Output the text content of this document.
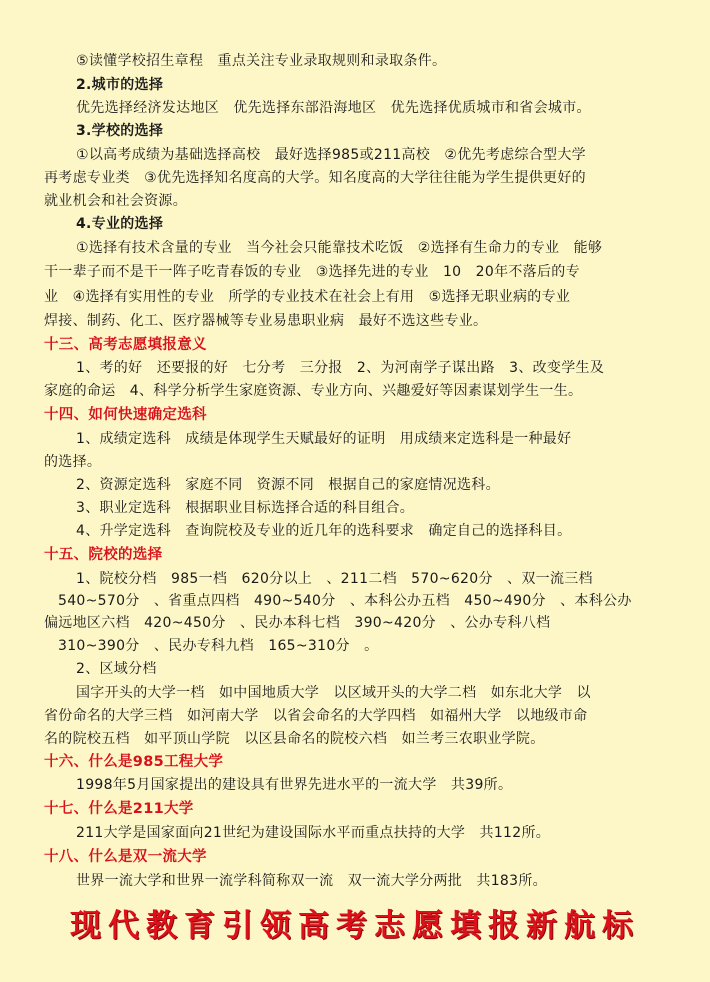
⑤读懂学校招生章程　重点关注专业录取规则和录取条件。
2.城市的选择
优先选择经济发达地区　优先选择东部沿海地区　优先选择优质城市和省会城市。
3.学校的选择
①以高考成绩为基础选择高校　最好选择985或211高校　②优先考虑综合型大学
再考虑专业类　③优先选择知名度高的大学。知名度高的大学往往能为学生提供更好的
就业机会和社会资源。
4.专业的选择
①选择有技术含量的专业　当今社会只能靠技术吃饭　②选择有生命力的专业　能够
干一辈子而不是干一阵子吃青春饭的专业　③选择先进的专业　10　20年不落后的专
业　④选择有实用性的专业　所学的专业技术在社会上有用　⑤选择无职业病的专业
焊接、制药、化工、医疗器械等专业易患职业病　最好不选这些专业。
十三、高考志愿填报意义
1、考的好　还要报的好　七分考　三分报　2、为河南学子谋出路　3、改变学生及
家庭的命运　4、科学分析学生家庭资源、专业方向、兴趣爱好等因素谋划学生一生。
十四、如何快速确定选科
1、成绩定选科　成绩是体现学生天赋最好的证明　用成绩来定选科是一种最好
的选择。
2、资源定选科　家庭不同　资源不同　根据自己的家庭情况选科。
3、职业定选科　根据职业目标选择合适的科目组合。
4、升学定选科　查询院校及专业的近几年的选科要求　确定自己的选择科目。
十五、院校的选择
1、院校分档　985一档　620分以上　、211二档　570~620分　、双一流三档
540~570分　、省重点四档　490~540分　、本科公办五档　450~490分　、本科公办
偏远地区六档　420~450分　、民办本科七档　390~420分　、公办专科八档
310~390分　、民办专科九档　165~310分　。
2、区域分档
国字开头的大学一档　如中国地质大学　以区域开头的大学二档　如东北大学　以
省份命名的大学三档　如河南大学　以省会命名的大学四档　如福州大学　以地级市命
名的院校五档　如平顶山学院　以区县命名的院校六档　如兰考三农职业学院。
十六、什么是985工程大学
1998年5月国家提出的建设具有世界先进水平的一流大学　共39所。
十七、什么是211大学
211大学是国家面向21世纪为建设国际水平而重点扶持的大学　共112所。
十八、什么是双一流大学
世界一流大学和世界一流学科简称双一流　双一流大学分两批　共183所。
现代教育引领高考志愿填报新航标
